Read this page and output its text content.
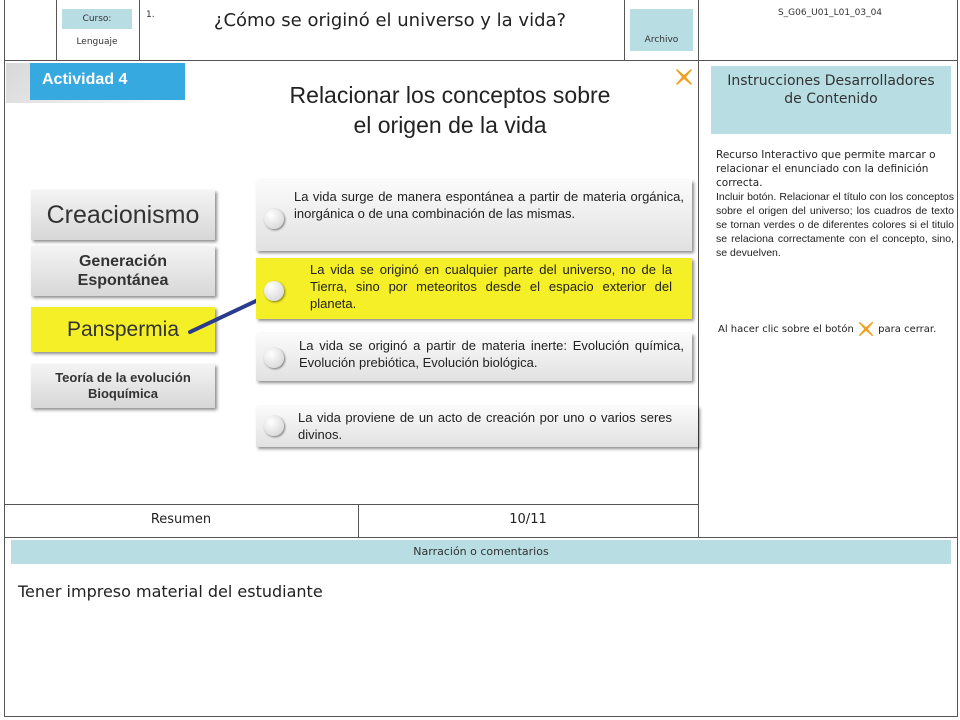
Curso:
Lenguaje
1.	¿Cómo se originó el universo y la vida?
Archivo
S_G06_U01_L01_03_04
Actividad 4
Relacionar los conceptos sobre
el origen de la vida
Creacionismo
Generación Espontánea
Panspermia
Teoría de la evolución Bioquímica
La vida surge de manera espontánea a partir de materia orgánica, inorgánica o de una combinación de las mismas.
La vida se originó en cualquier parte del universo, no de la Tierra, sino por meteoritos desde el espacio exterior del planeta.
La vida se originó a partir de materia inerte: Evolución química, Evolución prebiótica, Evolución biológica.
La vida proviene de un acto de creación por uno o varios seres divinos.
Instrucciones Desarrolladores de Contenido
Recurso Interactivo que permite marcar o relacionar el enunciado con la definición correcta.
Incluir botón. Relacionar el título con los conceptos sobre el origen del universo; los cuadros de texto se tornan verdes o de diferentes colores si el titulo se relaciona correctamente con el concepto, sino, se devuelven.
Al hacer clic sobre el botón para cerrar.
Resumen	10/11
Narración o comentarios
Tener impreso material del estudiante
